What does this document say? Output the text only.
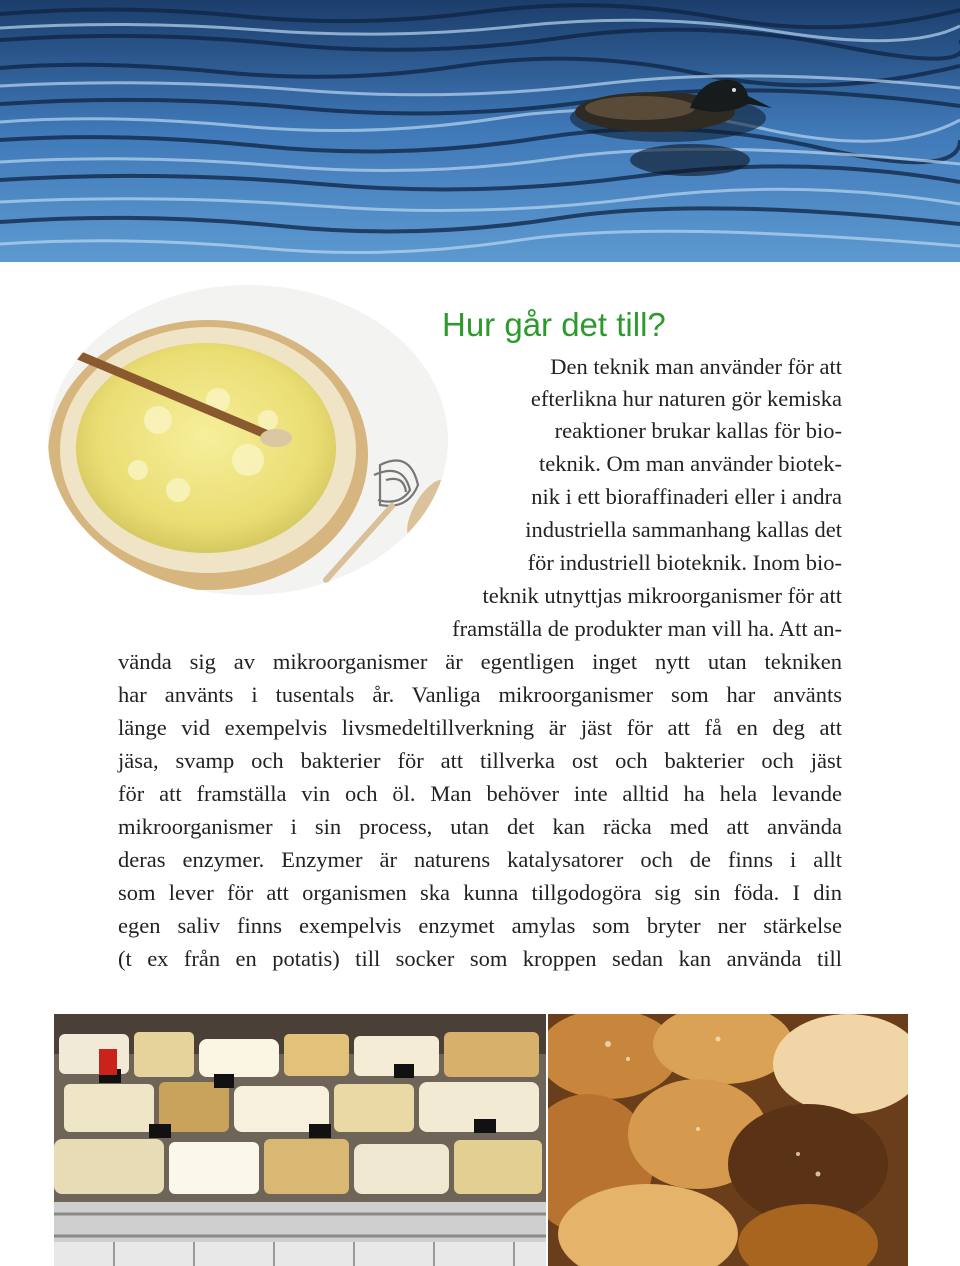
Hur går det till?
Den teknik man använder för att
efterlikna hur naturen gör kemiska
reaktioner brukar kallas för bio-
teknik. Om man använder biotek-
nik i ett bioraffinaderi eller i andra
industriella sammanhang kallas det
för industriell bioteknik. Inom bio-
teknik utnyttjas mikroorganismer för att
framställa de produkter man vill ha. Att an-
vända sig av mikroorganismer är egentligen inget nytt utan tekniken
har använts i tusentals år. Vanliga mikroorganismer som har använts
länge vid exempelvis livsmedeltillverkning är jäst för att få en deg att
jäsa, svamp och bakterier för att tillverka ost och bakterier och jäst
för att framställa vin och öl. Man behöver inte alltid ha hela levande
mikroorganismer i sin process, utan det kan räcka med att använda
deras enzymer. Enzymer är naturens katalysatorer och de finns i allt
som lever för att organismen ska kunna tillgodogöra sig sin föda. I din
egen saliv finns exempelvis enzymet amylas som bryter ner stärkelse
(t ex från en potatis) till socker som kroppen sedan kan använda till
